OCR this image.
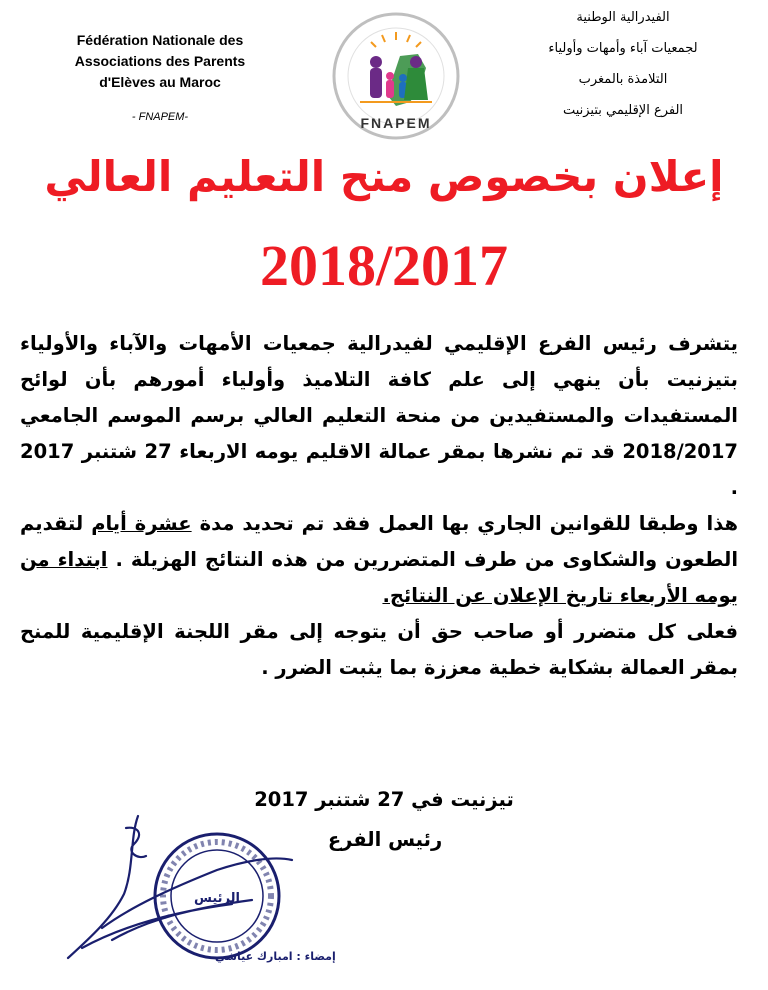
Fédération Nationale des
Associations des Parents
d'Elèves au Maroc
- FNAPEM-	FNAPEM
الفيدرالية الوطنية
لجمعيات آباء وأمهات وأولياء
التلامذة بالمغرب
الفرع الإقليمي بتيزنيت
إعلان بخصوص منح التعليم العالي
2018/2017

يتشرف رئيس الفرع الإقليمي لفيدرالية جمعيات الأمهات والآباء والأولياء بتيزنيت بأن ينهي إلى علم كافة التلاميذ وأولياء أمورهم بأن لوائح المستفيدات والمستفيدين من منحة التعليم العالي برسم الموسم الجامعي 2018/2017 قد تم نشرها بمقر عمالة الاقليم يومه الاربعاء 27 شتنبر 2017 .

هذا وطبقا للقوانين الجاري بها العمل فقد تم تحديد مدة عشرة أيام لتقديم الطعون والشكاوى من طرف المتضررين من هذه النتائج الهزيلة . ابتداء من يومه الأربعاء تاريخ الإعلان عن النتائج.

فعلى كل متضرر أو صاحب حق أن يتوجه إلى مقر اللجنة الإقليمية للمنح بمقر العمالة بشكاية خطية معززة بما يثبت الضرر .

تيزنيت في 27 شتنبر 2017
رئيس الفرع
الرئيس
إمضاء : امبارك عياشي
